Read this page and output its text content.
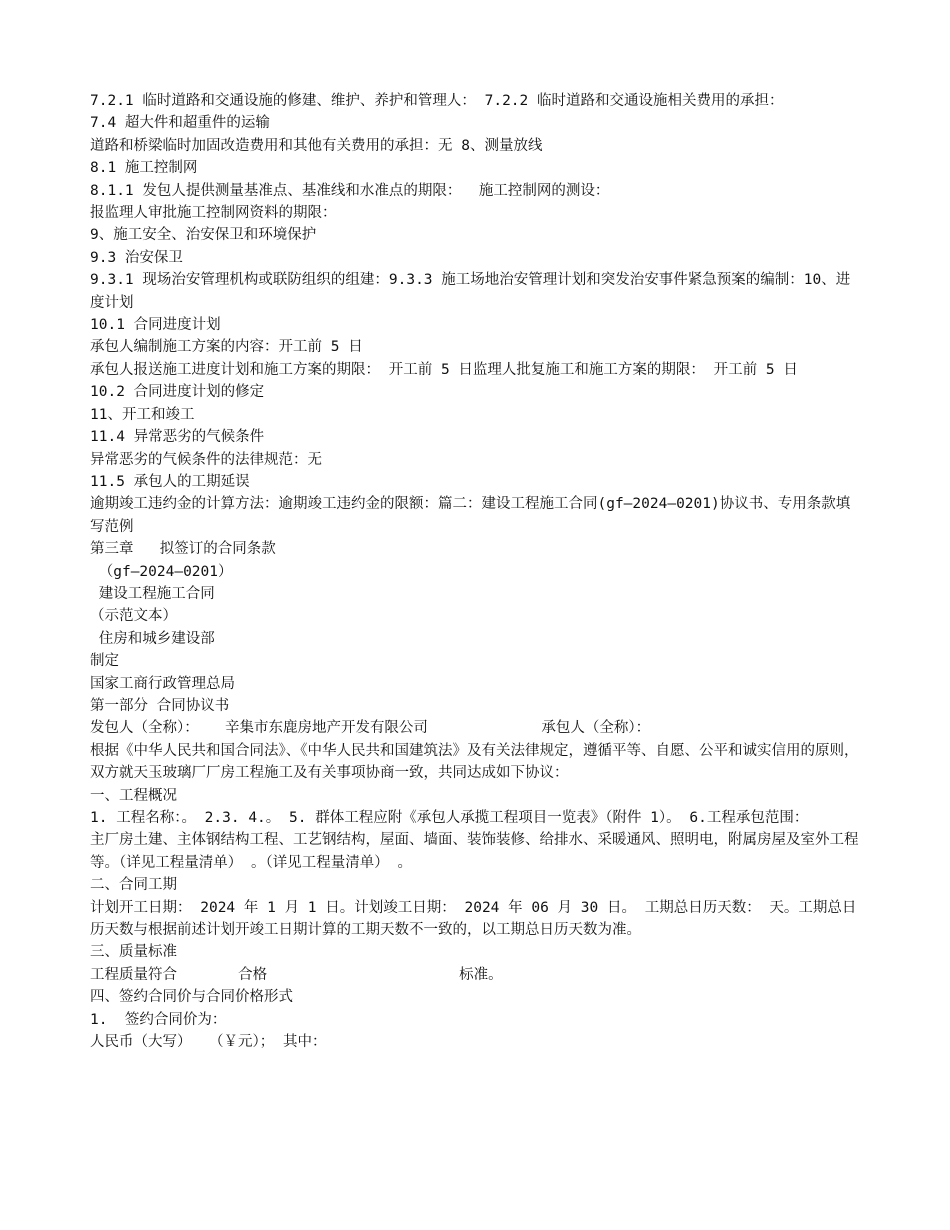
7.2.1 临时道路和交通设施的修建、维护、养护和管理人： 7.2.2 临时道路和交通设施相关费用的承担：
7.4 超大件和超重件的运输
道路和桥梁临时加固改造费用和其他有关费用的承担：无 8、测量放线
8.1 施工控制网
8.1.1 发包人提供测量基准点、基准线和水准点的期限：  施工控制网的测设：
报监理人审批施工控制网资料的期限：
9、施工安全、治安保卫和环境保护
9.3 治安保卫
9.3.1 现场治安管理机构或联防组织的组建：9.3.3 施工场地治安管理计划和突发治安事件紧急预案的编制：10、进度计划
10.1 合同进度计划
承包人编制施工方案的内容：开工前 5 日
承包人报送施工进度计划和施工方案的期限： 开工前 5 日监理人批复施工和施工方案的期限： 开工前 5 日
10.2 合同进度计划的修定
11、开工和竣工
11.4 异常恶劣的气候条件
异常恶劣的气候条件的法律规范：无
11.5 承包人的工期延误
逾期竣工违约金的计算方法：逾期竣工违约金的限额：篇二：建设工程施工合同(gf—2024—0201)协议书、专用条款填写范例
第三章   拟签订的合同条款
（gf—2024—0201）
建设工程施工合同
（示范文本）
住房和城乡建设部
制定
国家工商行政管理总局
第一部分 合同协议书
发包人（全称）：   辛集市东鹿房地产开发有限公司             承包人（全称）：
根据《中华人民共和国合同法》、《中华人民共和国建筑法》及有关法律规定，遵循平等、自愿、公平和诚实信用的原则，双方就天玉玻璃厂厂房工程施工及有关事项协商一致，共同达成如下协议：
一、工程概况
1. 工程名称：。 2.3. 4.。 5. 群体工程应附《承包人承揽工程项目一览表》（附件 1）。 6.工程承包范围：
主厂房土建、主体钢结构工程、工艺钢结构，屋面、墙面、装饰装修、给排水、采暖通风、照明电，附属房屋及室外工程等。（详见工程量清单） 。（详见工程量清单） 。
二、合同工期
计划开工日期： 2024 年 1 月 1 日。计划竣工日期： 2024 年 06 月 30 日。 工期总日历天数： 天。工期总日历天数与根据前述计划开竣工日期计算的工期天数不一致的，以工期总日历天数为准。
三、质量标准
工程质量符合       合格                      标准。
四、签约合同价与合同价格形式
1.  签约合同价为：
人民币（大写）  （￥元）； 其中：
